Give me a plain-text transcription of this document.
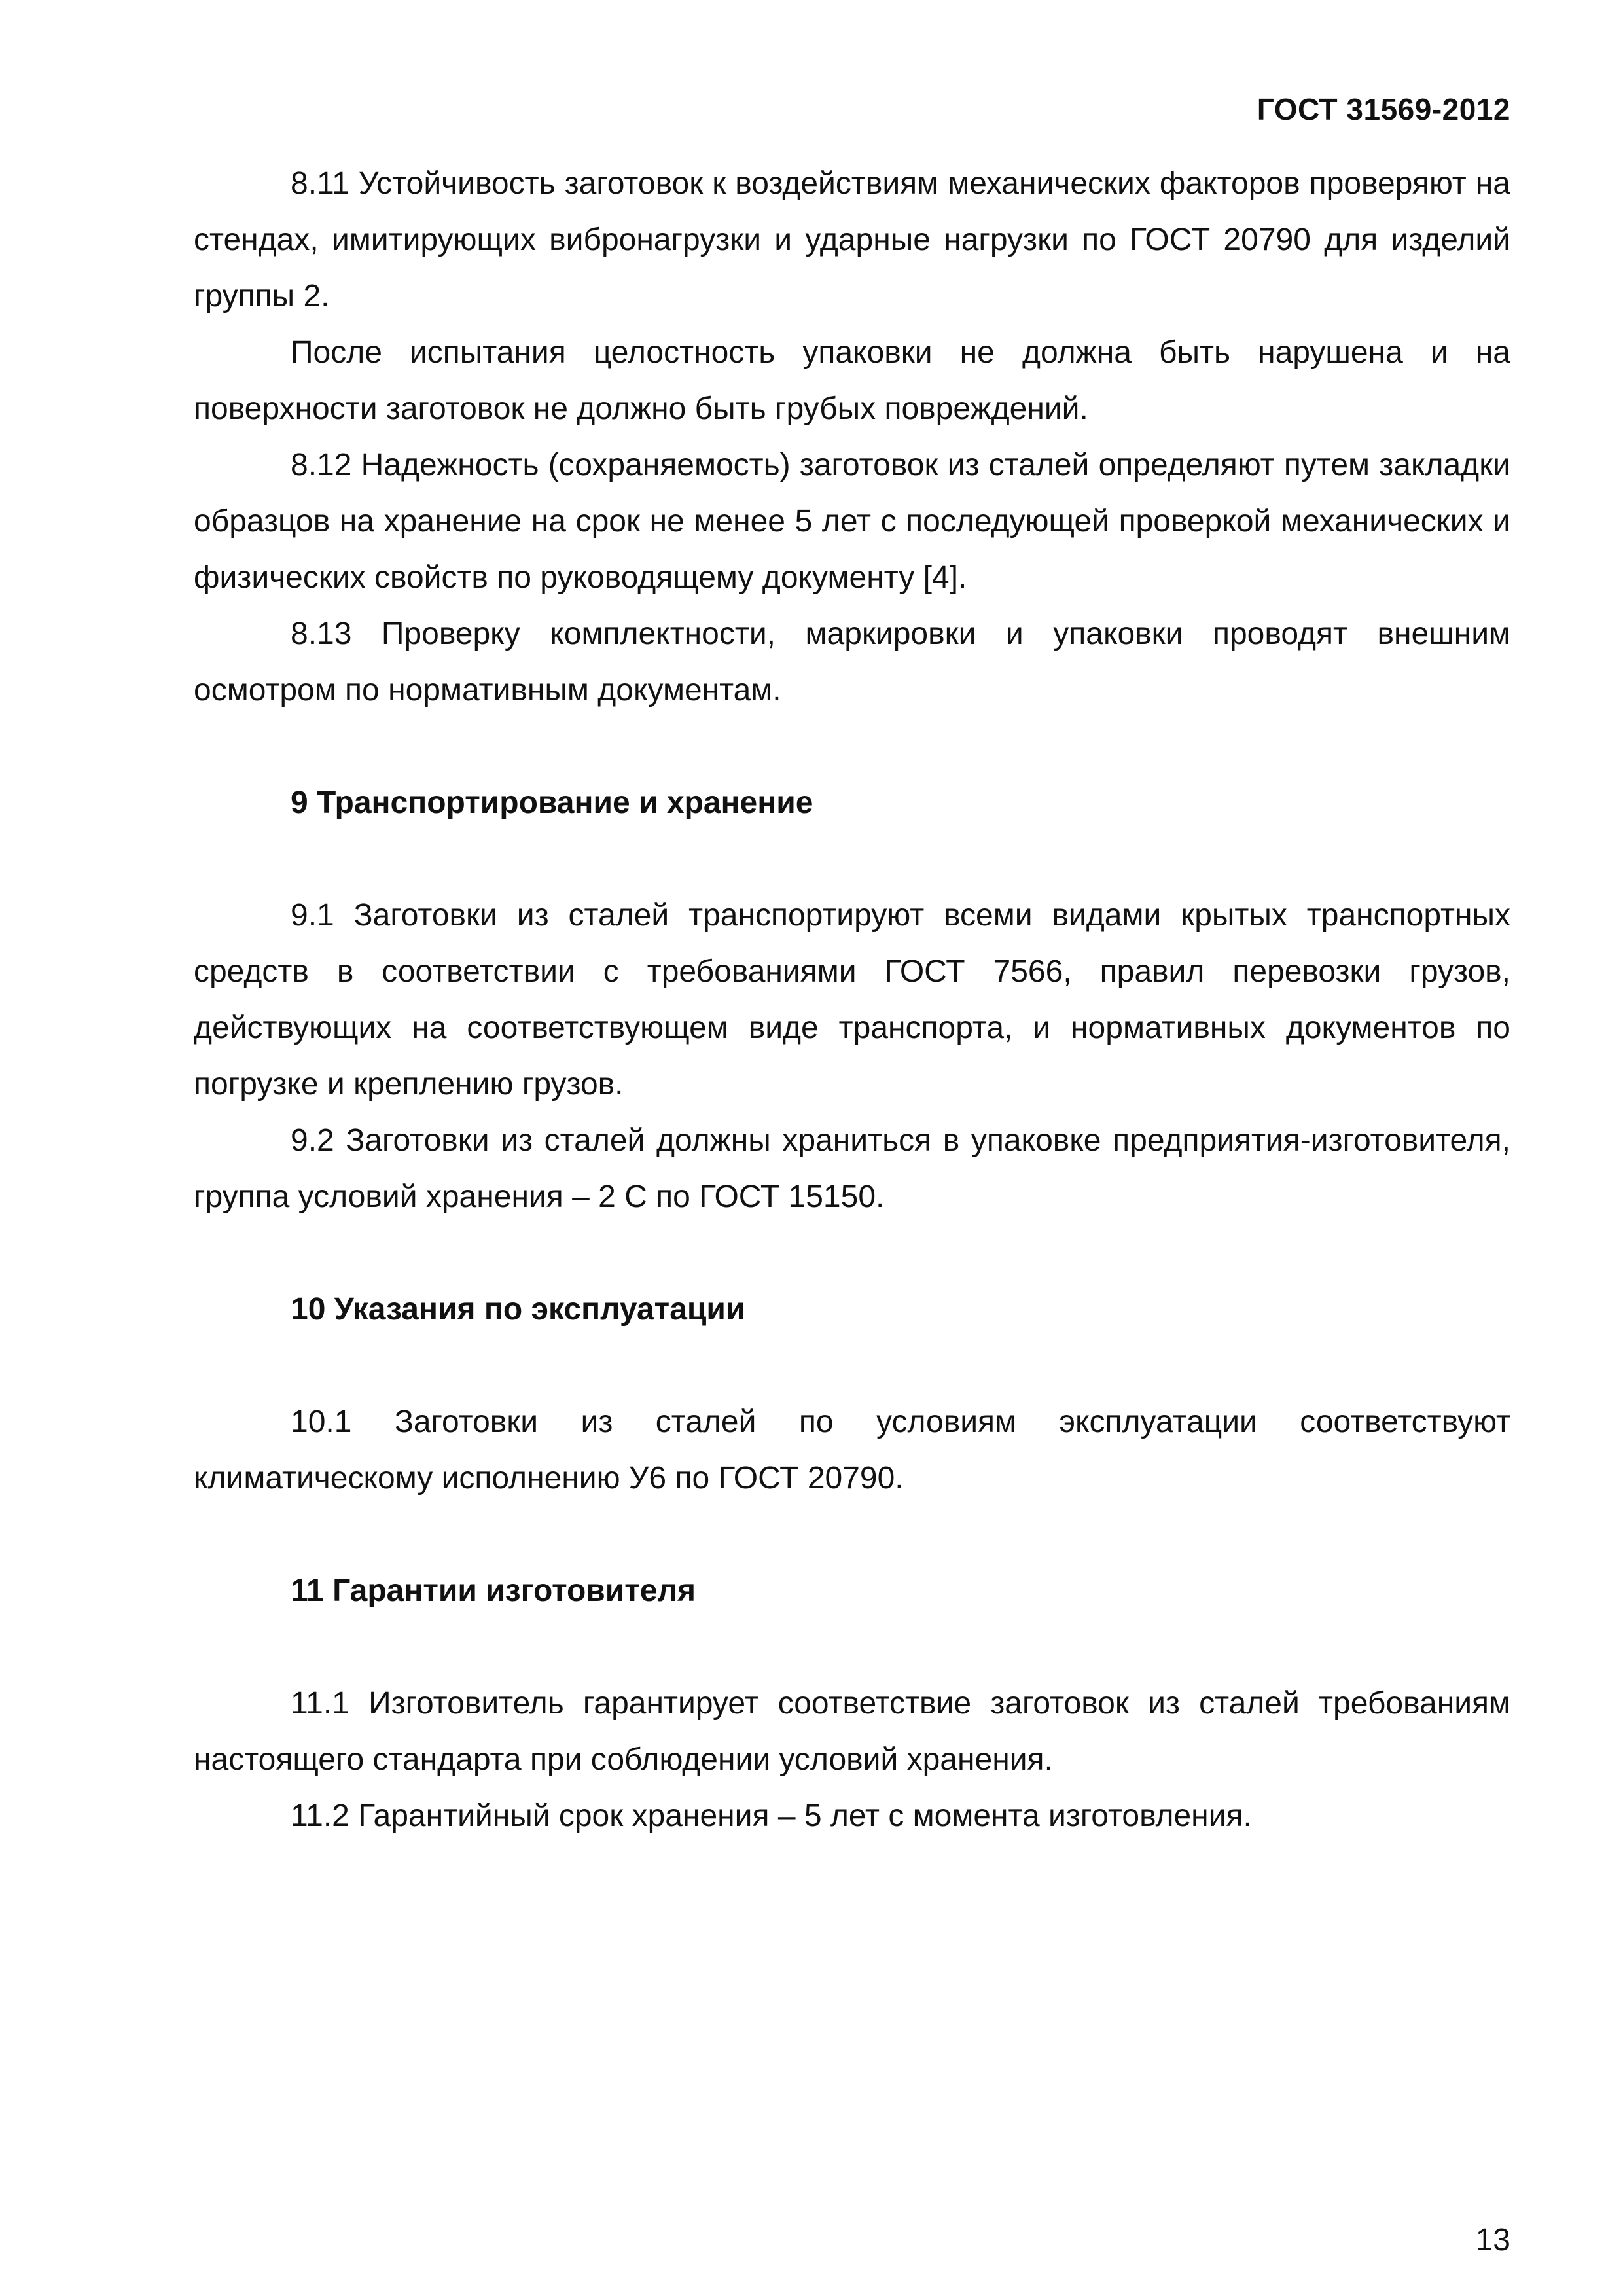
ГОСТ 31569-2012

8.11 Устойчивость заготовок к воздействиям механических факторов проверяют на стендах, имитирующих вибронагрузки и ударные нагрузки по ГОСТ 20790 для изделий группы 2.

После испытания целостность упаковки не должна быть нарушена и на поверхности заготовок не должно быть грубых повреждений.

8.12 Надежность (сохраняемость) заготовок из сталей определяют путем закладки образцов на хранение на срок не менее 5 лет с последующей проверкой механических и физических свойств по руководящему документу [4].

8.13 Проверку комплектности, маркировки и упаковки проводят внешним осмотром по нормативным документам.

9 Транспортирование и хранение

9.1 Заготовки из сталей транспортируют всеми видами крытых транспортных средств в соответствии с требованиями ГОСТ 7566, правил перевозки грузов, действующих на соответствующем виде транспорта, и нормативных документов по погрузке и креплению грузов.

9.2 Заготовки из сталей должны храниться в упаковке предприятия-изготовителя, группа условий хранения – 2 С по ГОСТ 15150.

10 Указания по эксплуатации

10.1 Заготовки из сталей по условиям эксплуатации соответствуют климатическому исполнению У6 по ГОСТ 20790.

11 Гарантии изготовителя

11.1 Изготовитель гарантирует соответствие заготовок из сталей требованиям настоящего стандарта при соблюдении условий хранения.

11.2 Гарантийный срок хранения – 5 лет с момента изготовления.

13
